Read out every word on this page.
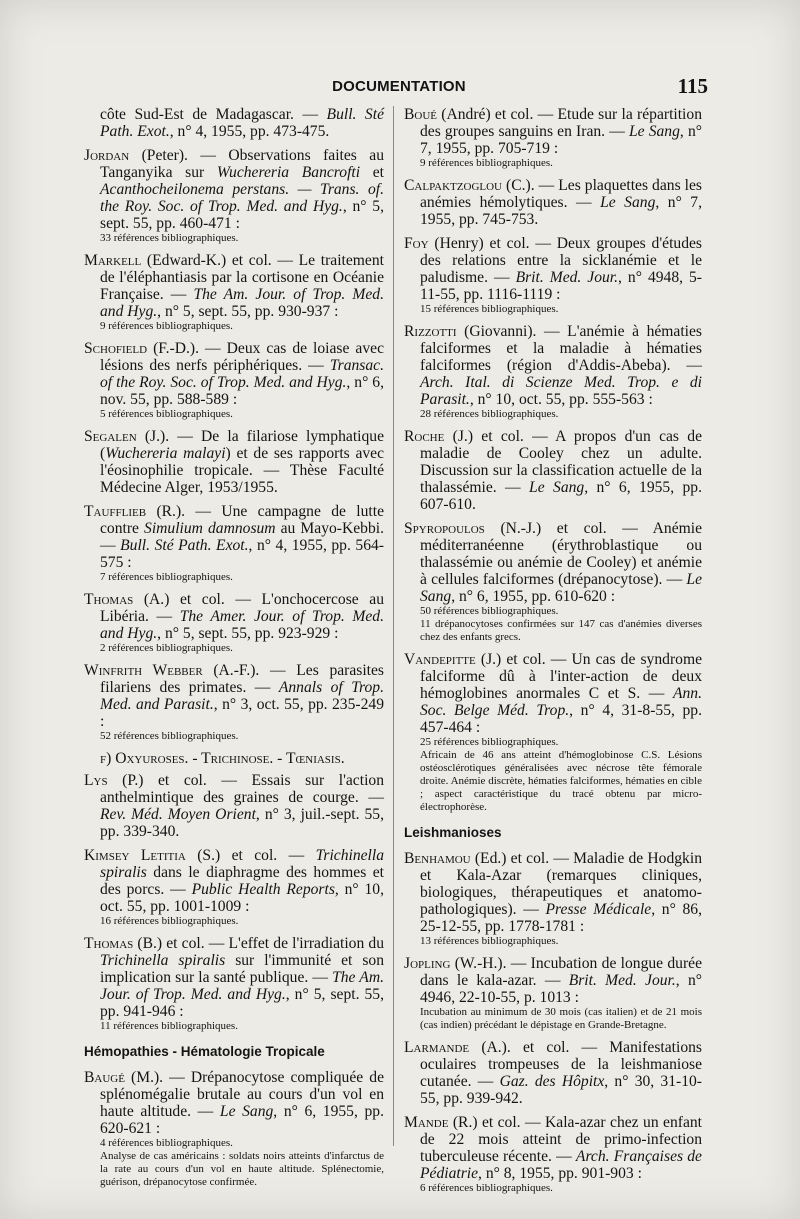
DOCUMENTATION	115

côte Sud-Est de Madagascar. — Bull. Sté Path. Exot., n° 4, 1955, pp. 473-475.

Jordan (Peter). — Observations faites au Tanganyika sur Wuchereria Bancrofti et Acanthocheilonema perstans. — Trans. of. the Roy. Soc. of Trop. Med. and Hyg., n° 5, sept. 55, pp. 460-471 :
33 références bibliographiques.

Markell (Edward-K.) et col. — Le traitement de l'éléphantiasis par la cortisone en Océanie Française. — The Am. Jour. of Trop. Med. and Hyg., n° 5, sept. 55, pp. 930-937 :
9 références bibliographiques.

Schofield (F.-D.). — Deux cas de loiase avec lésions des nerfs périphériques. — Transac. of the Roy. Soc. of Trop. Med. and Hyg., n° 6, nov. 55, pp. 588-589 :
5 références bibliographiques.

Segalen (J.). — De la filariose lymphatique (Wuchereria malayi) et de ses rapports avec l'éosinophilie tropicale. — Thèse Faculté Médecine Alger, 1953/1955.

Taufflieb (R.). — Une campagne de lutte contre Simulium damnosum au Mayo-Kebbi. — Bull. Sté Path. Exot., n° 4, 1955, pp. 564-575 :
7 références bibliographiques.

Thomas (A.) et col. — L'onchocercose au Libéria. — The Amer. Jour. of Trop. Med. and Hyg., n° 5, sept. 55, pp. 923-929 :
2 références bibliographiques.

Winfrith Webber (A.-F.). — Les parasites filariens des primates. — Annals of Trop. Med. and Parasit., n° 3, oct. 55, pp. 235-249 :
52 références bibliographiques.

f) Oxyuroses. - Trichinose. - Tœniasis.

Lys (P.) et col. — Essais sur l'action anthelmintique des graines de courge. — Rev. Méd. Moyen Orient, n° 3, juil.-sept. 55, pp. 339-340.

Kimsey Letitia (S.) et col. — Trichinella spiralis dans le diaphragme des hommes et des porcs. — Public Health Reports, n° 10, oct. 55, pp. 1001-1009 :
16 références bibliographiques.

Thomas (B.) et col. — L'effet de l'irradiation du Trichinella spiralis sur l'immunité et son implication sur la santé publique. — The Am. Jour. of Trop. Med. and Hyg., n° 5, sept. 55, pp. 941-946 :
11 références bibliographiques.

Hémopathies - Hématologie Tropicale

Baugé (M.). — Drépanocytose compliquée de splénomégalie brutale au cours d'un vol en haute altitude. — Le Sang, n° 6, 1955, pp. 620-621 :
4 références bibliographiques.
Analyse de cas américains : soldats noirs atteints d'infarctus de la rate au cours d'un vol en haute altitude. Splénectomie, guérison, drépanocytose confirmée.

Boué (André) et col. — Etude sur la répartition des groupes sanguins en Iran. — Le Sang, n° 7, 1955, pp. 705-719 :
9 références bibliographiques.

Calpaktzoglou (C.). — Les plaquettes dans les anémies hémolytiques. — Le Sang, n° 7, 1955, pp. 745-753.

Foy (Henry) et col. — Deux groupes d'études des relations entre la sicklanémie et le paludisme. — Brit. Med. Jour., n° 4948, 5-11-55, pp. 1116-1119 :
15 références bibliographiques.

Rizzotti (Giovanni). — L'anémie à hématies falciformes et la maladie à hématies falciformes (région d'Addis-Abeba). — Arch. Ital. di Scienze Med. Trop. e di Parasit., n° 10, oct. 55, pp. 555-563 :
28 références bibliographiques.

Roche (J.) et col. — A propos d'un cas de maladie de Cooley chez un adulte. Discussion sur la classification actuelle de la thalassémie. — Le Sang, n° 6, 1955, pp. 607-610.

Spyropoulos (N.-J.) et col. — Anémie méditerranéenne (érythroblastique ou thalassémie ou anémie de Cooley) et anémie à cellules falciformes (drépanocytose). — Le Sang, n° 6, 1955, pp. 610-620 :
50 références bibliographiques.
11 drépanocytoses confirmées sur 147 cas d'anémies diverses chez des enfants grecs.

Vandepitte (J.) et col. — Un cas de syndrome falciforme dû à l'inter-action de deux hémoglobines anormales C et S. — Ann. Soc. Belge Méd. Trop., n° 4, 31-8-55, pp. 457-464 :
25 références bibliographiques.
Africain de 46 ans atteint d'hémoglobinose C.S. Lésions ostéosclérotiques généralisées avec nécrose tête fémorale droite. Anémie discrète, hématies falciformes, hématies en cible ; aspect caractéristique du tracé obtenu par micro-électrophorèse.

Leishmanioses

Benhamou (Ed.) et col. — Maladie de Hodgkin et Kala-Azar (remarques cliniques, biologiques, thérapeutiques et anatomo-pathologiques). — Presse Médicale, n° 86, 25-12-55, pp. 1778-1781 :
13 références bibliographiques.

Jopling (W.-H.). — Incubation de longue durée dans le kala-azar. — Brit. Med. Jour., n° 4946, 22-10-55, p. 1013 :
Incubation au minimum de 30 mois (cas italien) et de 21 mois (cas indien) précédant le dépistage en Grande-Bretagne.

Larmande (A.). et col. — Manifestations oculaires trompeuses de la leishmaniose cutanée. — Gaz. des Hôpitx, n° 30, 31-10-55, pp. 939-942.

Mande (R.) et col. — Kala-azar chez un enfant de 22 mois atteint de primo-infection tuberculeuse récente. — Arch. Françaises de Pédiatrie, n° 8, 1955, pp. 901-903 :
6 références bibliographiques.
